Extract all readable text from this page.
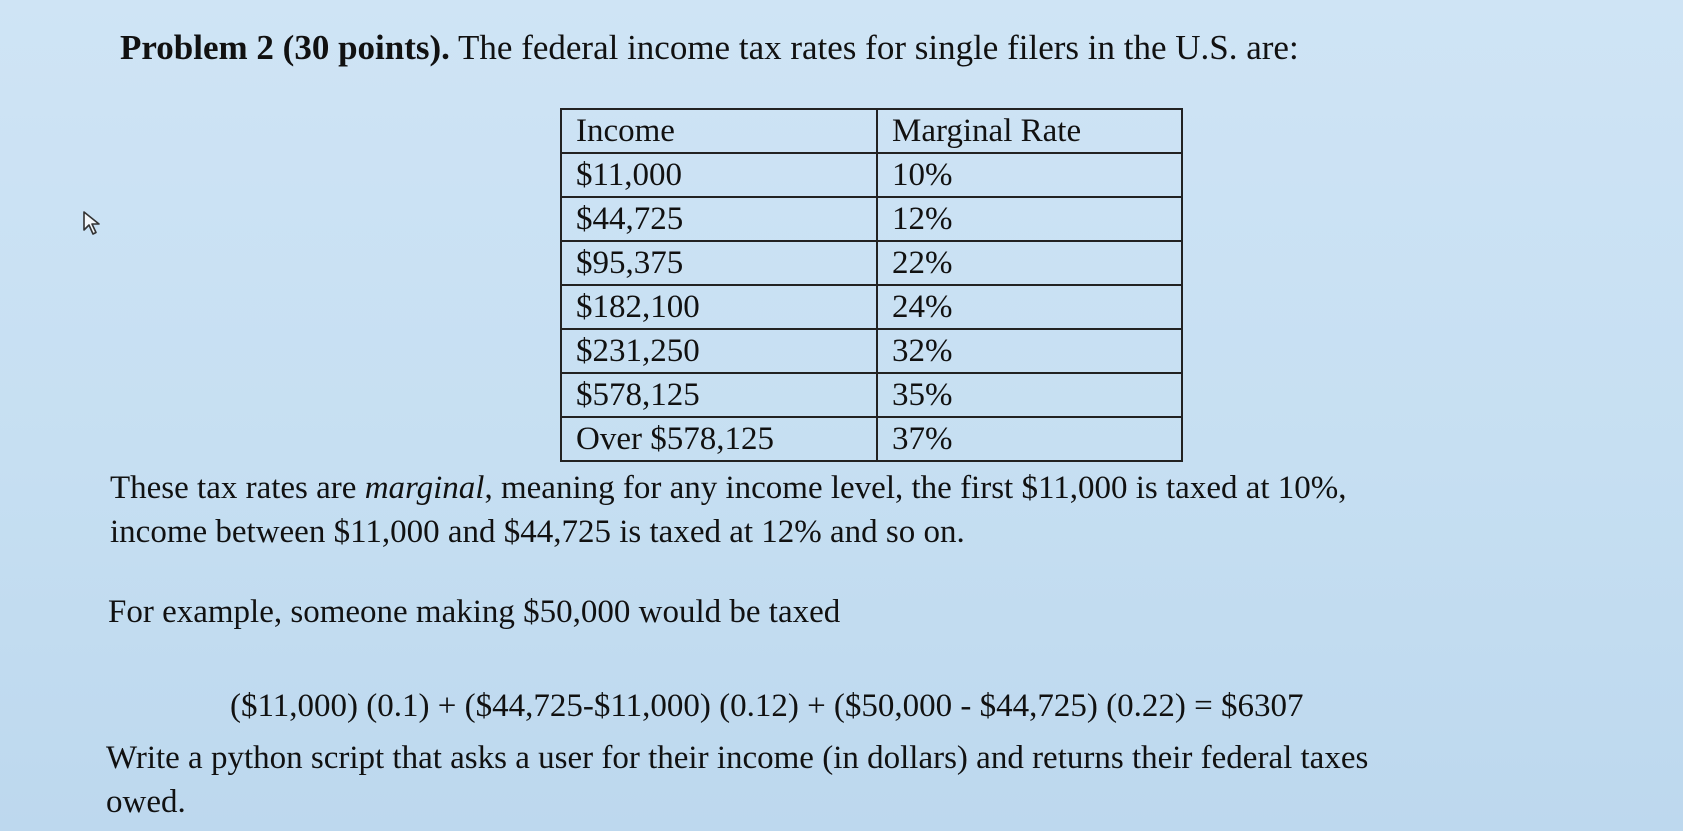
Problem 2 (30 points). The federal income tax rates for single filers in the U.S. are:
Income	Marginal Rate
$11,000	10%
$44,725	12%
$95,375	22%
$182,100	24%
$231,250	32%
$578,125	35%
Over $578,125	37%
These tax rates are marginal, meaning for any income level, the first $11,000 is taxed at 10%,
income between $11,000 and $44,725 is taxed at 12% and so on.
For example, someone making $50,000 would be taxed
($11,000) (0.1) + ($44,725-$11,000) (0.12) + ($50,000 - $44,725) (0.22) = $6307
Write a python script that asks a user for their income (in dollars) and returns their federal taxes
owed.
